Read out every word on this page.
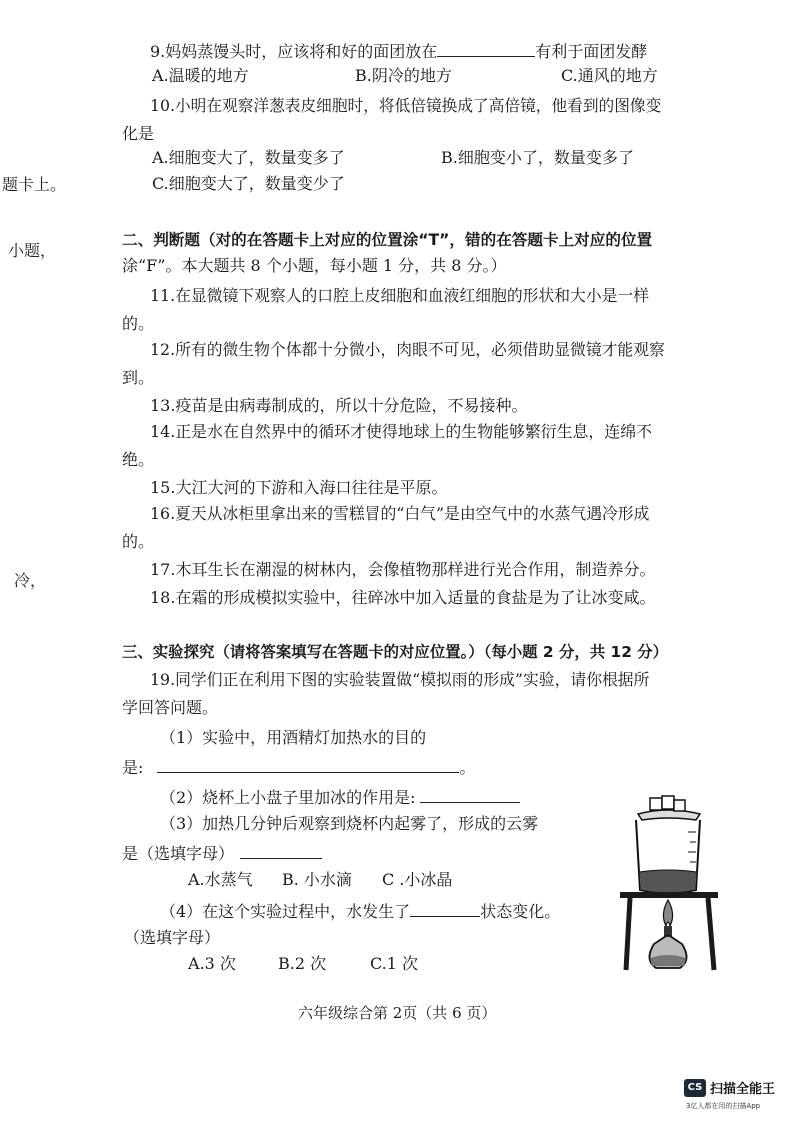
题卡上。
小题，
冷，
9.妈妈蒸馒头时，应该将和好的面团放在	有利于面团发酵
A.温暖的地方	B.阴冷的地方	C.通风的地方
10.小明在观察洋葱表皮细胞时，将低倍镜换成了高倍镜，他看到的图像变
化是
A.细胞变大了，数量变多了	B.细胞变小了，数量变多了
C.细胞变大了，数量变少了
二、判断题（对的在答题卡上对应的位置涂“T”，错的在答题卡上对应的位置
涂“F”。本大题共 8 个小题，每小题 1 分，共 8 分。）
11.在显微镜下观察人的口腔上皮细胞和血液红细胞的形状和大小是一样
的。
12.所有的微生物个体都十分微小，肉眼不可见，必须借助显微镜才能观察
到。
13.疫苗是由病毒制成的，所以十分危险，不易接种。
14.正是水在自然界中的循环才使得地球上的生物能够繁衍生息，连绵不
绝。
15.大江大河的下游和入海口往往是平原。
16.夏天从冰柜里拿出来的雪糕冒的“白气”是由空气中的水蒸气遇冷形成
的。
17.木耳生长在潮湿的树林内，会像植物那样进行光合作用，制造养分。
18.在霜的形成模拟实验中，往碎冰中加入适量的食盐是为了让冰变咸。
三、实验探究（请将答案填写在答题卡的对应位置。）（每小题 2 分，共 12 分）
19.同学们正在利用下图的实验装置做“模拟雨的形成”实验，请你根据所
学回答问题。
（1）实验中，用酒精灯加热水的目的
是:	。
（2）烧杯上小盘子里加冰的作用是:
（3）加热几分钟后观察到烧杯内起雾了，形成的云雾
是（选填字母）
A.水蒸气 B. 小水滴 C .小冰晶
（4）在这个实验过程中，水发生了	状态变化。
（选填字母）
A.3 次	B.2 次	C.1 次
六年级综合第 2页（共 6 页）
CS 扫描全能王
3亿人都在用的扫描App
